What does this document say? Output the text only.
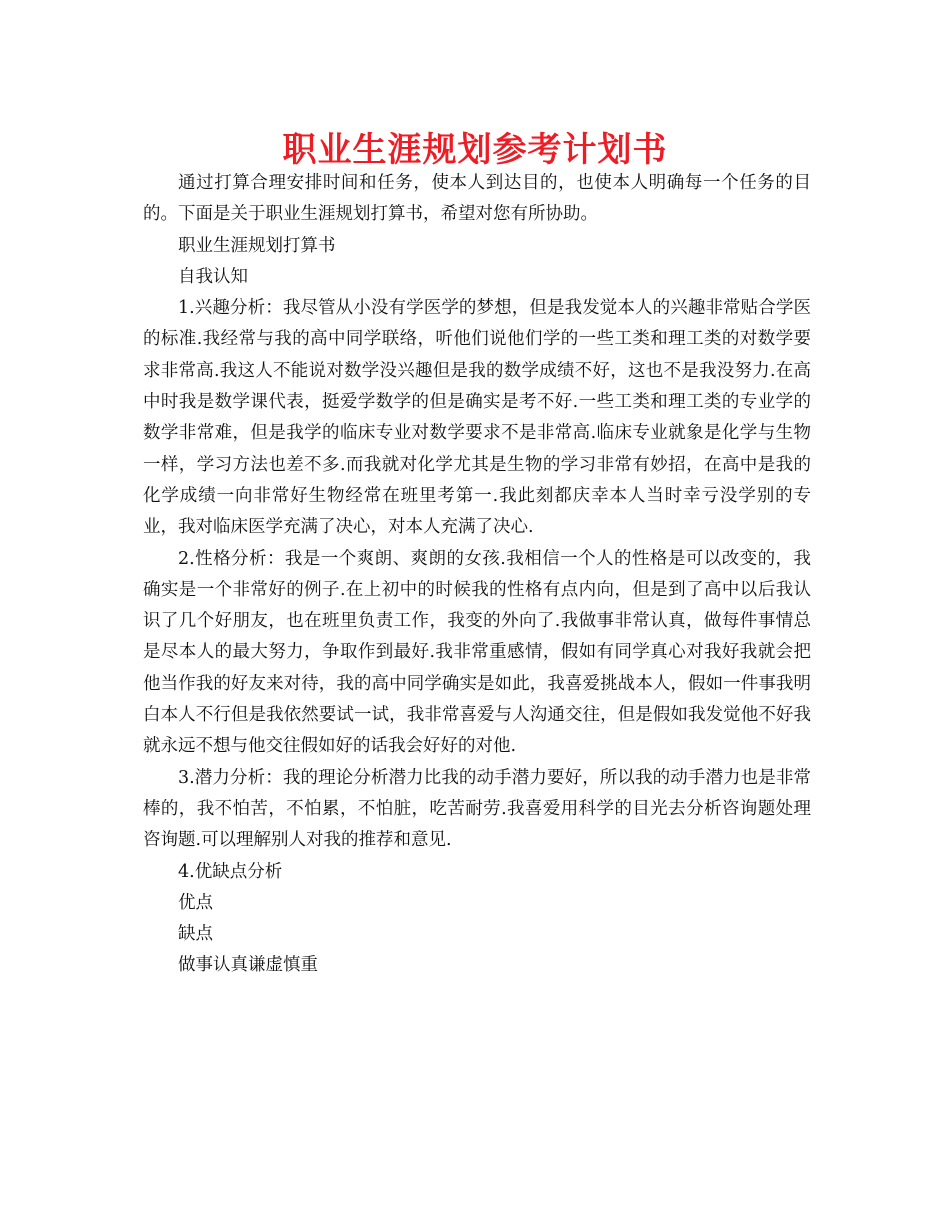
职业生涯规划参考计划书

通过打算合理安排时间和任务，使本人到达目的，也使本人明确每一个任务的目的。下面是关于职业生涯规划打算书，希望对您有所协助。

职业生涯规划打算书

自我认知

1.兴趣分析：我尽管从小没有学医学的梦想，但是我发觉本人的兴趣非常贴合学医的标准.我经常与我的高中同学联络，听他们说他们学的一些工类和理工类的对数学要求非常高.我这人不能说对数学没兴趣但是我的数学成绩不好，这也不是我没努力.在高中时我是数学课代表，挺爱学数学的但是确实是考不好.一些工类和理工类的专业学的数学非常难，但是我学的临床专业对数学要求不是非常高.临床专业就象是化学与生物一样，学习方法也差不多.而我就对化学尤其是生物的学习非常有妙招，在高中是我的化学成绩一向非常好生物经常在班里考第一.我此刻都庆幸本人当时幸亏没学别的专业，我对临床医学充满了决心，对本人充满了决心.

2.性格分析：我是一个爽朗、爽朗的女孩.我相信一个人的性格是可以改变的，我确实是一个非常好的例子.在上初中的时候我的性格有点内向，但是到了高中以后我认识了几个好朋友，也在班里负责工作，我变的外向了.我做事非常认真，做每件事情总是尽本人的最大努力，争取作到最好.我非常重感情，假如有同学真心对我好我就会把他当作我的好友来对待，我的高中同学确实是如此，我喜爱挑战本人，假如一件事我明白本人不行但是我依然要试一试，我非常喜爱与人沟通交往，但是假如我发觉他不好我就永远不想与他交往假如好的话我会好好的对他.

3.潜力分析：我的理论分析潜力比我的动手潜力要好，所以我的动手潜力也是非常棒的，我不怕苦，不怕累，不怕脏，吃苦耐劳.我喜爱用科学的目光去分析咨询题处理咨询题.可以理解别人对我的推荐和意见.

4.优缺点分析

优点

缺点

做事认真谦虚慎重
